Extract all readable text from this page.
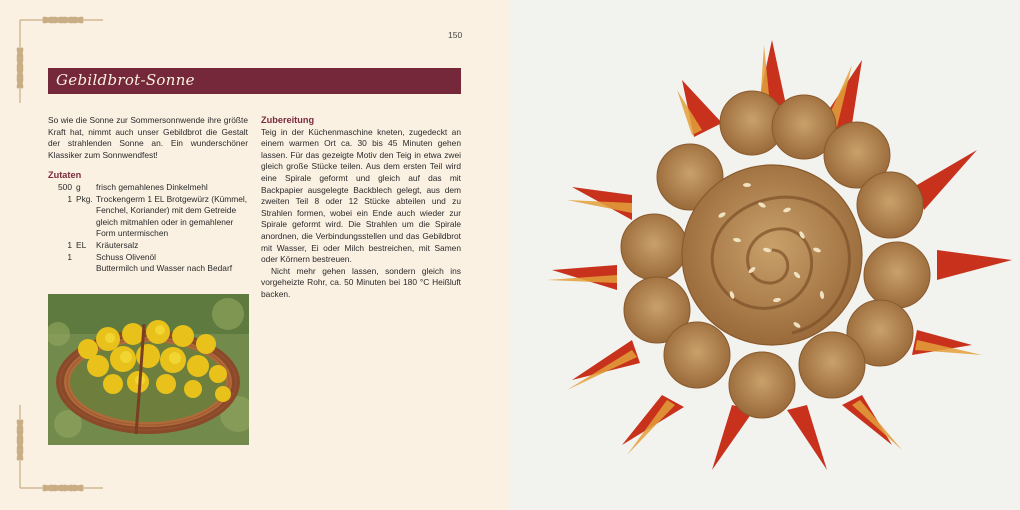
150
Gebildbrot-Sonne

So wie die Sonne zur Sommersonnwende ihre größte Kraft hat, nimmt auch unser Gebildbrot die Gestalt der strahlenden Sonne an. Ein wunderschöner Klassiker zum Sonnwendfest!

Zutaten

500 g	frisch gemahlenes Dinkelmehl
1 Pkg. Trockengerm 1 EL Brotgewürz (Kümmel, Fenchel, Koriander) mit dem Getreide gleich mitmahlen oder in gemahlener Form untermischen
1 EL	Kräutersalz
1	Schuss Olivenöl
Buttermilch und Wasser nach Bedarf

Zubereitung

Teig in der Küchenmaschine kneten, zugedeckt an einem warmen Ort ca. 30 bis 45 Minuten gehen lassen. Für das gezeigte Motiv den Teig in etwa zwei gleich große Stücke teilen. Aus dem ersten Teil wird eine Spirale geformt und gleich auf das mit Backpapier ausgelegte Backblech gelegt, aus dem zweiten Teil 8 oder 12 Stücke abteilen und zu Strahlen formen, wobei ein Ende auch wieder zur Spirale geformt wird. Die Strahlen um die Spirale anordnen, die Verbindungsstellen und das Gebildbrot mit Wasser, Ei oder Milch bestreichen, mit Samen oder Körnern bestreuen.

Nicht mehr gehen lassen, sondern gleich ins vorgeheizte Rohr, ca. 50 Minuten bei 180 °C Heißluft backen.
